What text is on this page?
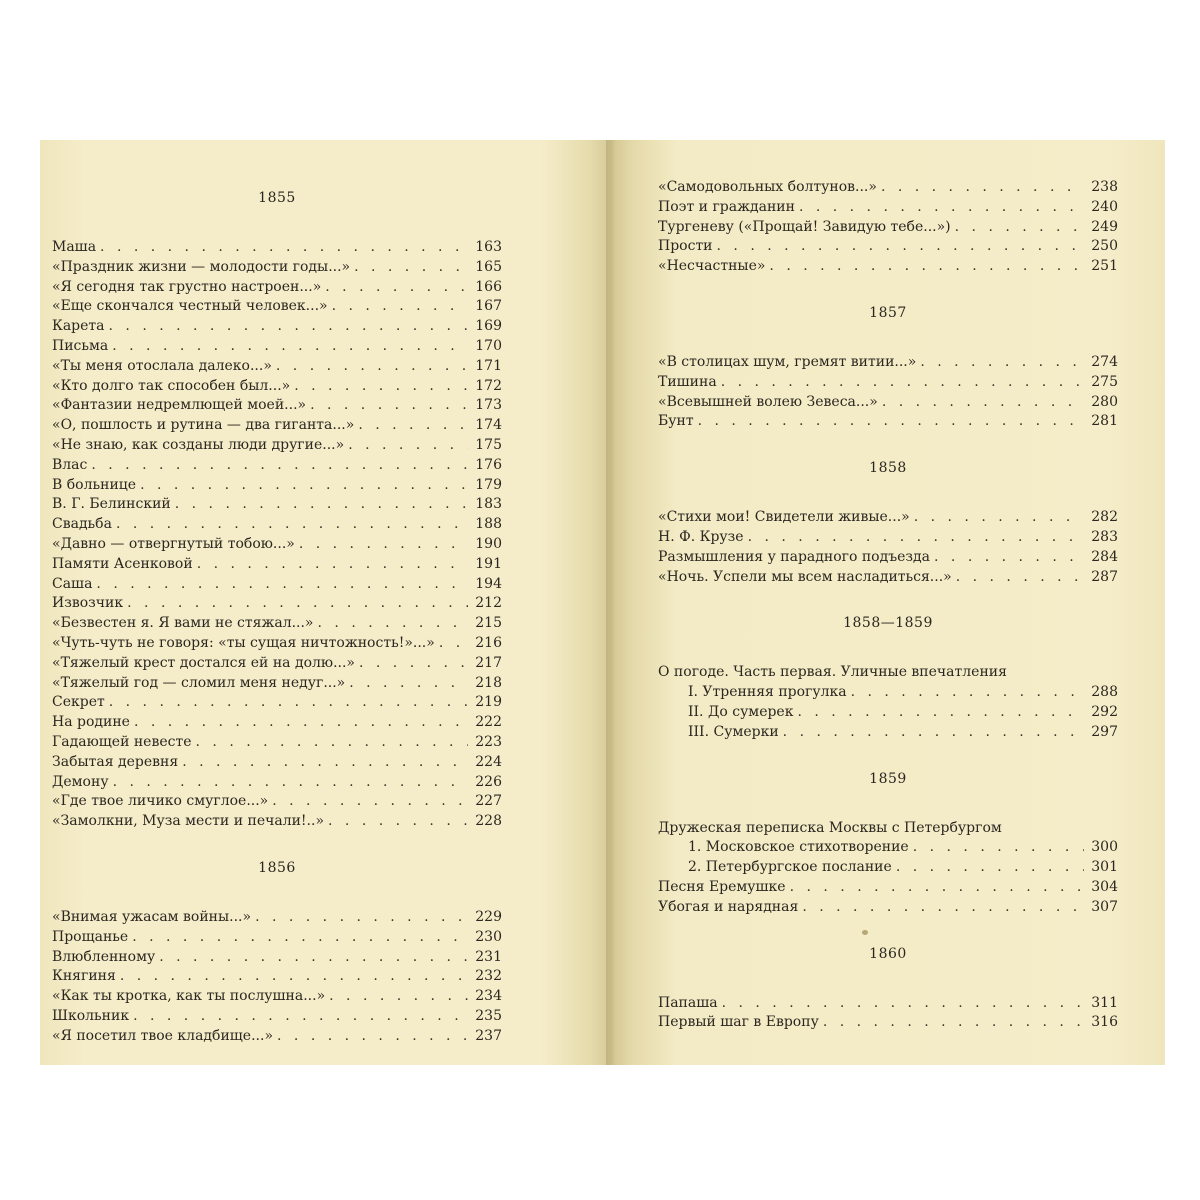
1855
Маша . . .	163
«Праздник жизни — молодости годы...» . . .	165
«Я сегодня так грустно настроен...» . . .	166
«Еще скончался честный человек...» . . .	167
Карета . . .	169
Письма . . .	170
«Ты меня отослала далеко...» . . .	171
«Кто долго так способен был...» . . .	172
«Фантазии недремлющей моей...» . . .	173
«О, пошлость и рутина — два гиганта...» . . .	174
«Не знаю, как созданы люди другие...» . . .	175
Влас . . .	176
В больнице . . .	179
В. Г. Белинский . . .	183
Свадьба . . .	188
«Давно — отвергнутый тобою...» . . .	190
Памяти Асенковой . . .	191
Саша . . .	194
Извозчик . . .	212
«Безвестен я. Я вами не стяжал...» . . .	215
«Чуть-чуть не говоря: «ты сущая ничтожность!»...» . . .	216
«Тяжелый крест достался ей на долю...» . . .	217
«Тяжелый год — сломил меня недуг...» . . .	218
Секрет . . .	219
На родине . . .	222
Гадающей невесте . . .	223
Забытая деревня . . .	224
Демону . . .	226
«Где твое личико смуглое...» . . .	227
«Замолкни, Муза мести и печали!..» . . .	228
1856
«Внимая ужасам войны...» . . .	229
Прощанье . . .	230
Влюбленному . . .	231
Княгиня . . .	232
«Как ты кротка, как ты послушна...» . . .	234
Школьник . . .	235
«Я посетил твое кладбище...» . . .	237
«Самодовольных болтунов...» . . .	238
Поэт и гражданин . . .	240
Тургеневу («Прощай! Завидую тебе...») . . .	249
Прости . . .	250
«Несчастные» . . .	251
1857
«В столицах шум, гремят витии...» . . .	274
Тишина . . .	275
«Всевышней волею Зевеса...» . . .	280
Бунт . . .	281
1858
«Стихи мои! Свидетели живые...» . . .	282
Н. Ф. Крузе . . .	283
Размышления у парадного подъезда . . .	284
«Ночь. Успели мы всем насладиться...» . . .	287
1858—1859
О погоде. Часть первая. Уличные впечатления
I. Утренняя прогулка . . .	288
II. До сумерек . . .	292
III. Сумерки . . .	297
1859
Дружеская переписка Москвы с Петербургом
1. Московское стихотворение . . .	300
2. Петербургское послание . . .	301
Песня Еремушке . . .	304
Убогая и нарядная . . .	307
1860
Папаша . . .	311
Первый шаг в Европу . . .	316
